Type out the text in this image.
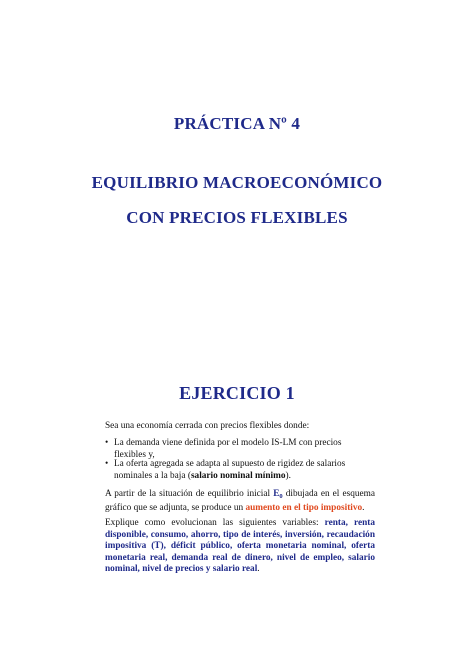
PRÁCTICA Nº 4
EQUILIBRIO MACROECONÓMICO
CON PRECIOS FLEXIBLES
EJERCICIO 1
Sea una economía cerrada con precios flexibles donde:
• La demanda viene definida por el modelo IS-LM con precios flexibles y,
• La oferta agregada se adapta al supuesto de rigidez de salarios nominales a la baja (salario nominal mínimo).
A partir de la situación de equilibrio inicial $E_0$ dibujada en el esquema gráfico que se adjunta, se produce un aumento en el tipo impositivo.
Explique como evolucionan las siguientes variables: renta, renta disponible, consumo, ahorro, tipo de interés, inversión, recaudación impositiva (T), déficit público, oferta monetaria nominal, oferta monetaria real, demanda real de dinero, nivel de empleo, salario nominal, nivel de precios y salario real.
